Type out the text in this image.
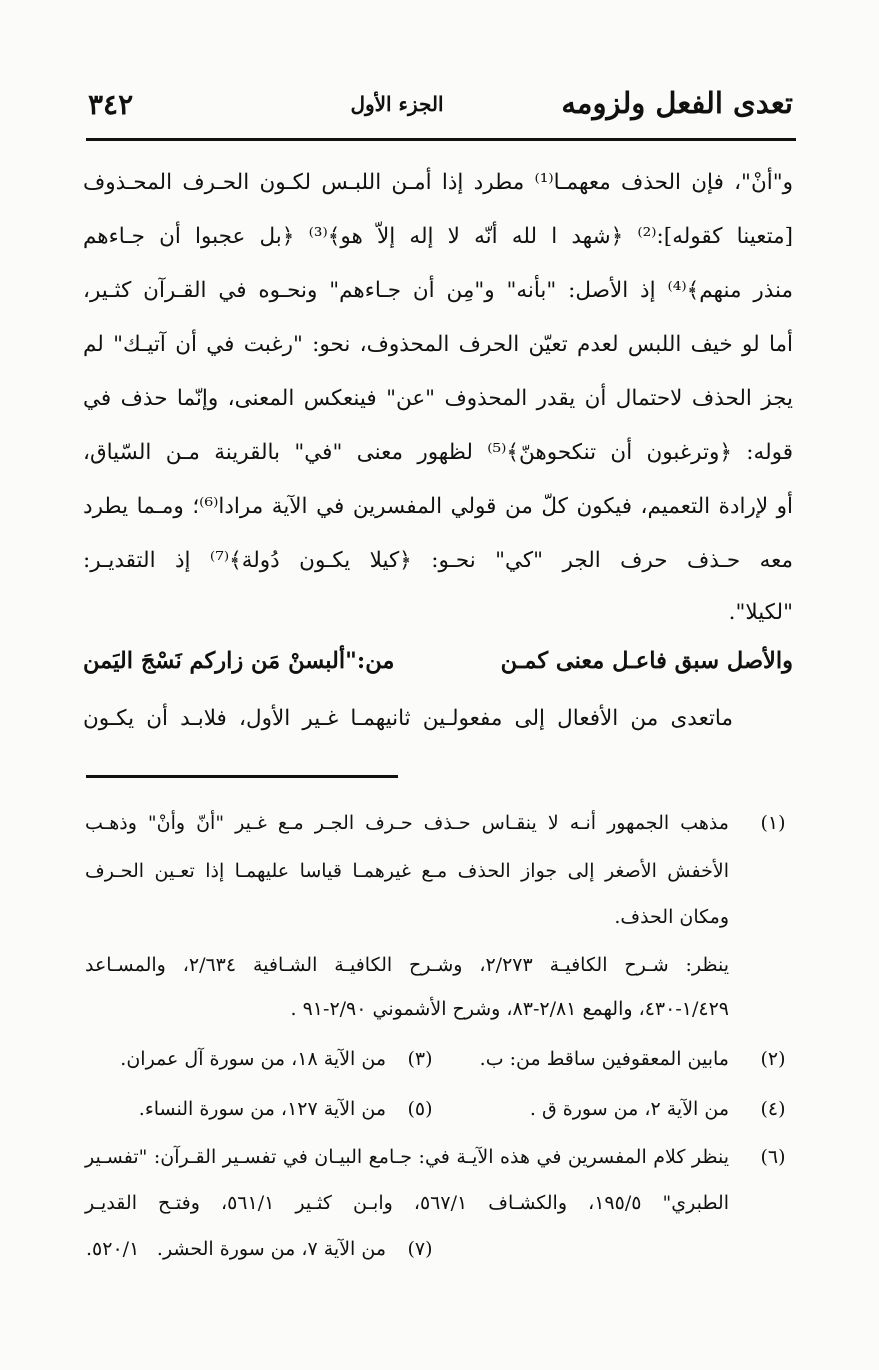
تعدى الفعل ولزومه
الجزء الأول
٣٤٢
و"أنْ"، فإن الحذف معهمـا⁽¹⁾ مطرد إذا أمـن اللبـس لكـون الحـرف المحـذوف
[متعينا كقوله]:⁽²⁾ ﴿شهد ا لله أنّه لا إله إلاّ هو﴾⁽³⁾ ﴿بل عجبوا أن جـاءهم
منذر منهم﴾⁽⁴⁾ إذ الأصل: "بأنه" و"مِن أن جـاءهم" ونحـوه في القـرآن كثـير،
أما لو خيف اللبس لعدم تعيّن الحرف المحذوف، نحو: "رغبت في أن آتيـك" لم
يجز الحذف لاحتمال أن يقدر المحذوف "عن" فينعكس المعنى، وإنّما حذف في
قوله: ﴿وترغبون أن تنكحوهنّ﴾⁽⁵⁾ لظهور معنى "في" بالقرينة مـن السّياق،
أو لإرادة التعميم، فيكون كلّ من قولي المفسرين في الآية مرادا⁽⁶⁾؛ ومـما يطرد
معه حـذف حرف الجر "كي" نحـو: ﴿كيلا يكـون دُولة﴾⁽⁷⁾ إذ التقديـر:
"لكيلا".
والأصل سبق فاعـل معنى كمـن
من:"ألبسنْ مَن زاركم نَسْجَ اليَمن
ماتعدى من الأفعال إلى مفعولـين ثانيهمـا غـير الأول، فلابـد أن يكـون
(١)
مذهب الجمهور أنـه لا ينقـاس حـذف حـرف الجـر مـع غـير "أنّ وأنْ" وذهـب
الأخفش الأصغر إلى جواز الحذف مـع غيرهمـا قياسا عليهمـا إذا تعـين الحـرف
ومكان الحذف.
ينظر: شـرح الكافيـة ٢/٢٧٣، وشـرح الكافيـة الشـافية ٢/٦٣٤، والمسـاعد
١/٤٢٩-٤٣٠، والهمع ٢/٨١-٨٣، وشرح الأشموني ٢/٩٠-٩١ .
(٢)
مابين المعقوفين ساقط من: ب.
(٣)
من الآية ١٨، من سورة آل عمران.
(٤)
من الآية ٢، من سورة ق .
(٥)
من الآية ١٢٧، من سورة النساء.
(٦)
ينظر كلام المفسرين في هذه الآيـة في: جـامع البيـان في تفسـير القـرآن: "تفسـير
الطبري" ١٩٥/٥، والكشـاف ٥٦٧/١، وابـن كثـير ٥٦١/١، وفتـح القديـر
٥٢٠/١.	(٧)
من الآية ٧، من سورة الحشر.
